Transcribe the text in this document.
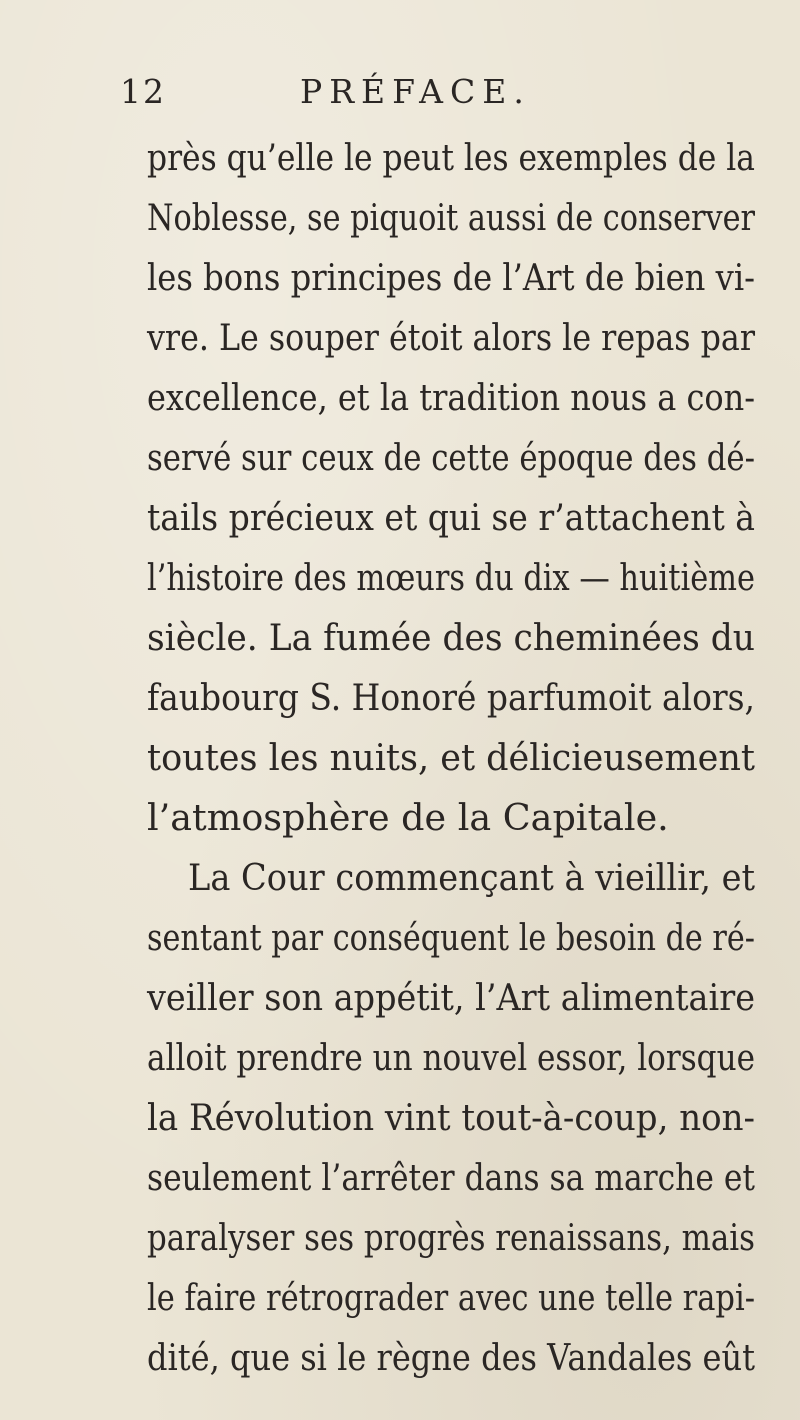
12	PRÉFACE.
près qu’elle le peut les exemples de la
Noblesse, se piquoit aussi de conserver
les bons principes de l’Art de bien vi-
vre. Le souper étoit alors le repas par
excellence, et la tradition nous a con-
servé sur ceux de cette époque des dé-
tails précieux et qui se r’attachent à
l’histoire des mœurs du dix — huitième
siècle. La fumée des cheminées du
faubourg S. Honoré parfumoit alors,
toutes les nuits, et délicieusement
l’atmosphère de la Capitale.
La Cour commençant à vieillir, et
sentant par conséquent le besoin de ré-
veiller son appétit, l’Art alimentaire
alloit prendre un nouvel essor, lorsque
la Révolution vint tout-à-coup, non-
seulement l’arrêter dans sa marche et
paralyser ses progrès renaissans, mais
le faire rétrograder avec une telle rapi-
dité, que si le règne des Vandales eût
